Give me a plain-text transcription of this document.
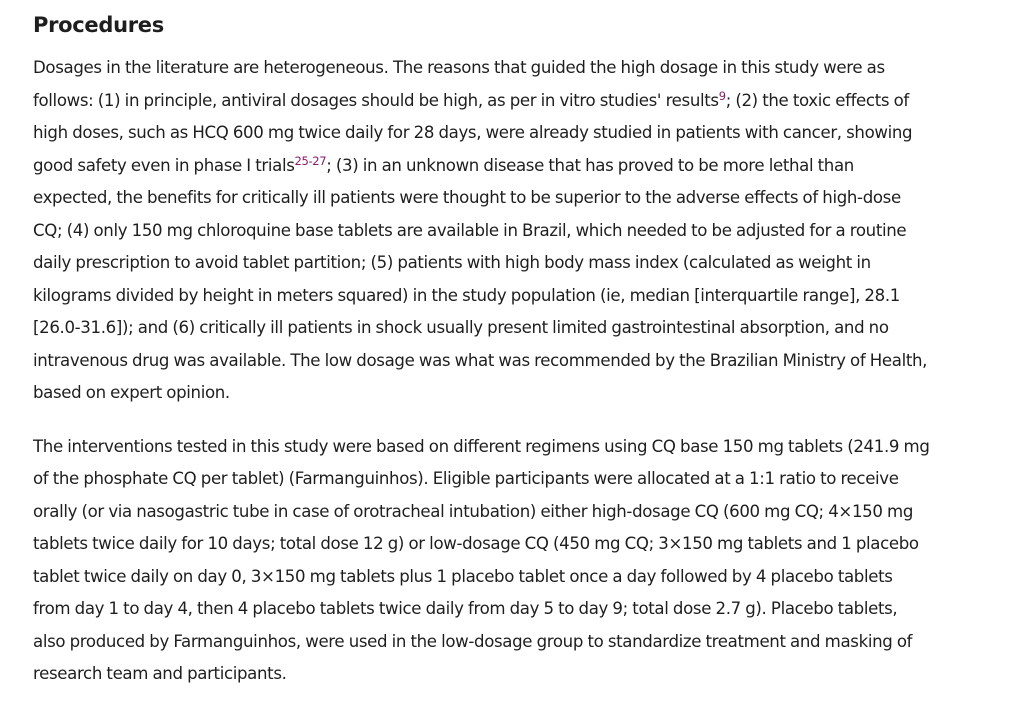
Procedures

Dosages in the literature are heterogeneous. The reasons that guided the high dosage in this study were as
follows: (1) in principle, antiviral dosages should be high, as per in vitro studies' results$^9$; (2) the toxic effects of
high doses, such as HCQ 600 mg twice daily for 28 days, were already studied in patients with cancer, showing
good safety even in phase I trials$^{25-27}$; (3) in an unknown disease that has proved to be more lethal than
expected, the benefits for critically ill patients were thought to be superior to the adverse effects of high-dose
CQ; (4) only 150 mg chloroquine base tablets are available in Brazil, which needed to be adjusted for a routine
daily prescription to avoid tablet partition; (5) patients with high body mass index (calculated as weight in
kilograms divided by height in meters squared) in the study population (ie, median [interquartile range], 28.1
[26.0-31.6]); and (6) critically ill patients in shock usually present limited gastrointestinal absorption, and no
intravenous drug was available. The low dosage was what was recommended by the Brazilian Ministry of Health,
based on expert opinion.

The interventions tested in this study were based on different regimens using CQ base 150 mg tablets (241.9 mg
of the phosphate CQ per tablet) (Farmanguinhos). Eligible participants were allocated at a 1:1 ratio to receive
orally (or via nasogastric tube in case of orotracheal intubation) either high-dosage CQ (600 mg CQ; 4×150 mg
tablets twice daily for 10 days; total dose 12 g) or low-dosage CQ (450 mg CQ; 3×150 mg tablets and 1 placebo
tablet twice daily on day 0, 3×150 mg tablets plus 1 placebo tablet once a day followed by 4 placebo tablets
from day 1 to day 4, then 4 placebo tablets twice daily from day 5 to day 9; total dose 2.7 g). Placebo tablets,
also produced by Farmanguinhos, were used in the low-dosage group to standardize treatment and masking of
research team and participants.
